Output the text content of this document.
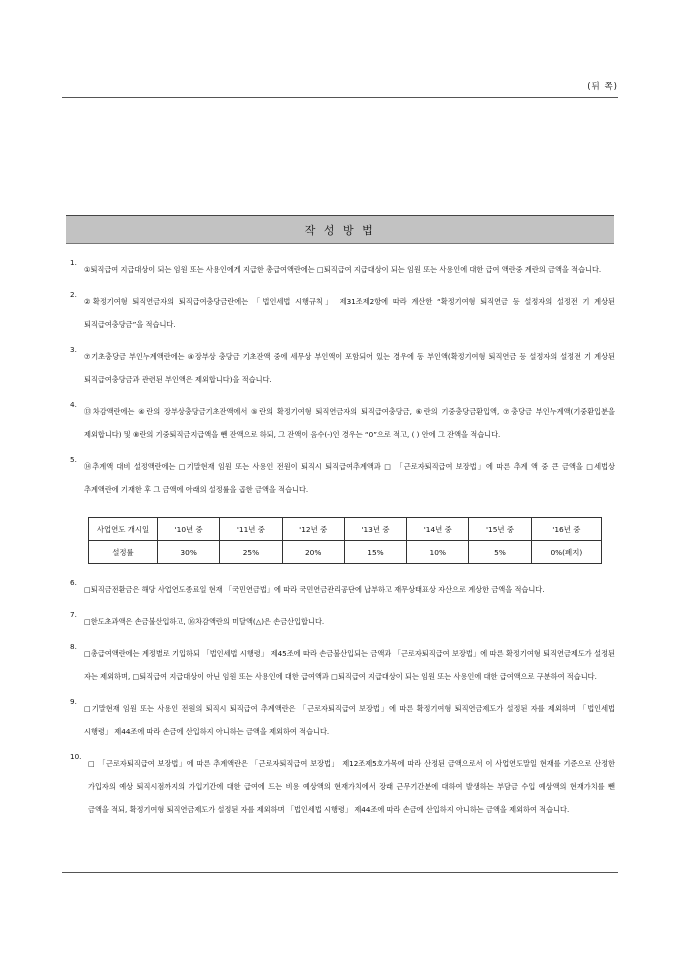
(뒤 쪽)
작 성 방 법
1.
①퇴직급여 지급대상이 되는 임원 또는 사용인에게 지급한 총급여액란에는 □퇴직급여 지급대상이 되는 임원 또는 사용인에 대한 급여 액란중 계란의 금액을 적습니다.
2.
②확정기여형 퇴직연금자의 퇴직급여충당금란에는 「법인세법 시행규칙」 제31조제2항에 따라 계산한 “확정기여형 퇴직연금 등 설정자의 설정전 기 계상된 퇴직급여충당금”을 적습니다.
3.
⑦기초충당금 부인누계액란에는 ④장부상 충당금 기초잔액 중에 세무상 부인액이 포함되어 있는 경우에 동 부인액(확정기여형 퇴직연금 등 설정자의 설정전 기 계상된 퇴직급여충당금과 관련된 부인액은 제외합니다)을 적습니다.
4.
⑬차감액란에는 ④란의 장부상충당금기초잔액에서 ⑤란의 확정기여형 퇴직연금자의 퇴직급여충당금, ⑥란의 기중충당금환입액, ⑦충당금 부인누계액(기중환입분을 제외합니다) 및 ⑧란의 기중퇴직금지급액을 뺀 잔액으로 하되, 그 잔액이 음수(-)인 경우는 “0”으로 적고, ( ) 안에 그 잔액을 적습니다.
5.
⑭추계액 대비 설정액란에는 □기말현재 임원 또는 사용인 전원이 퇴직시 퇴직급여추계액과 □ 「근로자퇴직급여 보장법」에 따른 추계 액 중 큰 금액을 □세법상 추계액란에 기재한 후 그 금액에 아래의 설정률을 곱한 금액을 적습니다.
사업연도 개시일	'10년 중	'11년 중	'12년 중	'13년 중	'14년 중	'15년 중	'16년 중
설정률	30%	25%	20%	15%	10%	5%	0%(폐지)
6.
□퇴직금전환금은 해당 사업연도종료일 현재 「국민연금법」에 따라 국민연금관리공단에 납부하고 재무상태표상 자산으로 계상한 금액을 적습니다.
7.
□한도초과액은 손금불산입하고, ⑯차감액란의 미달액(△)은 손금산입합니다.
8.
□총급여액란에는 계정별로 기입하되 「법인세법 시행령」 제45조에 따라 손금불산입되는 금액과 「근로자퇴직급여 보장법」에 따른 확정기여형 퇴직연금제도가 설정된 자는 제외하며, □퇴직급여 지급대상이 아닌 임원 또는 사용인에 대한 급여액과 □퇴직급여 지급대상이 되는 임원 또는 사용인에 대한 급여액으로 구분하여 적습니다.
9.
□기말현재 임원 또는 사용인 전원의 퇴직시 퇴직급여 추계액란은 「근로자퇴직급여 보장법」에 따른 확정기여형 퇴직연금제도가 설정된 자를 제외하며 「법인세법 시행령」 제44조에 따라 손금에 산입하지 아니하는 금액을 제외하여 적습니다.
10.
□ 「근로자퇴직급여 보장법」에 따른 추계액란은 「근로자퇴직급여 보장법」 제12조제5호가목에 따라 산정된 금액으로서 이 사업연도말일 현재를 기준으로 산정한 가입자의 예상 퇴직시점까지의 가입기간에 대한 급여에 드는 비용 예상액의 현재가치에서 장래 근무기간분에 대하여 발생하는 부담금 수입 예상액의 현재가치를 뺀 금액을 적되, 확정기여형 퇴직연금제도가 설정된 자를 제외하며 「법인세법 시행령」 제44조에 따라 손금에 산입하지 아니하는 금액을 제외하여 적습니다.
